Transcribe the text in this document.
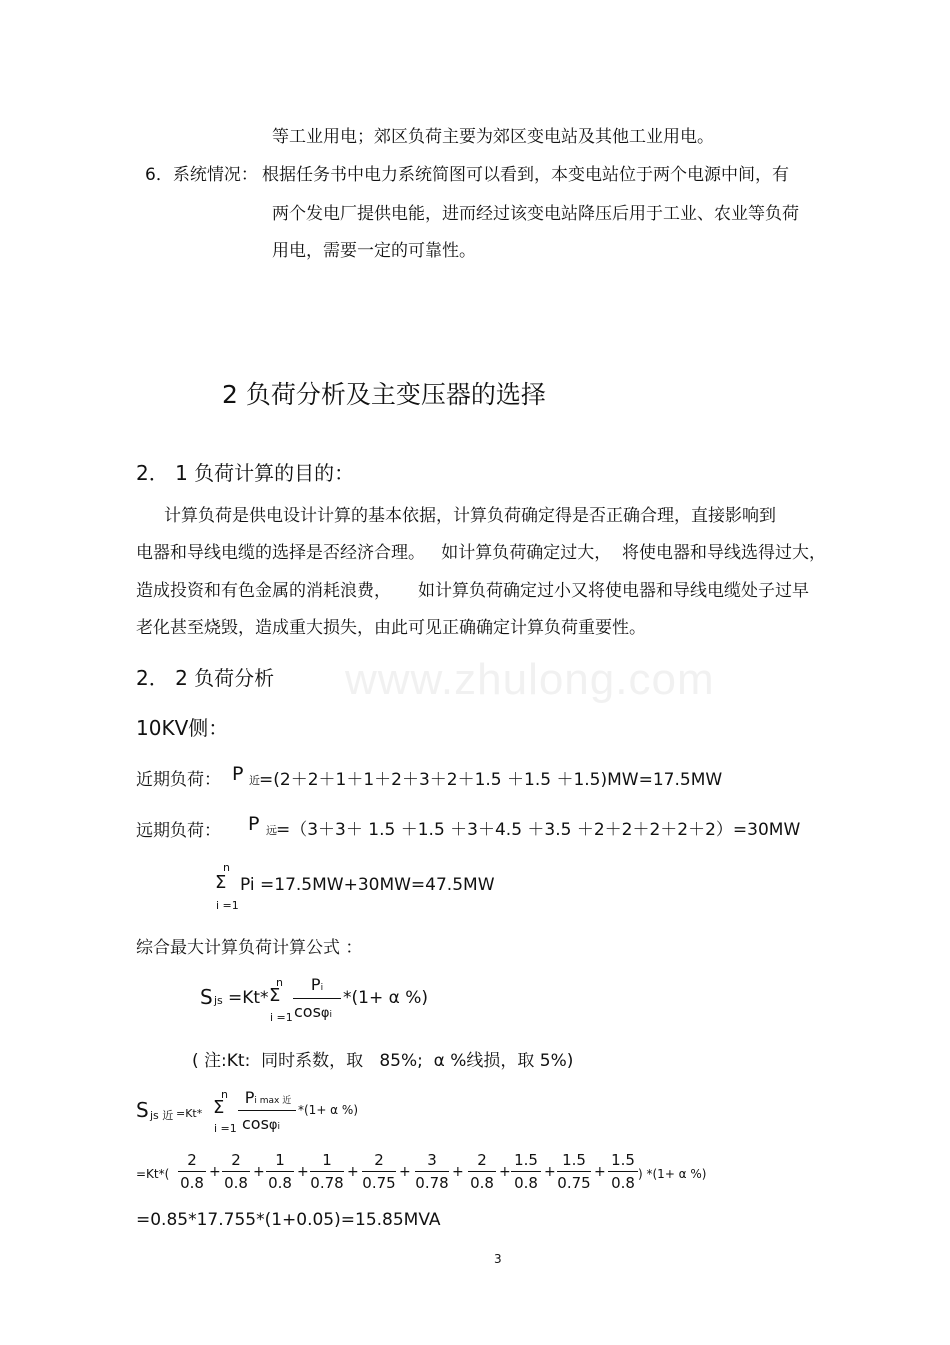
www.zhulong.com
等工业用电；郊区负荷主要为郊区变电站及其他工业用电。
6．系统情况： 根据任务书中电力系统简图可以看到，本变电站位于两个电源中间，有
两个发电厂提供电能，进而经过该变电站降压后用于工业、农业等负荷
用电，需要一定的可靠性。
2 负荷分析及主变压器的选择
2． 1 负荷计算的目的：
计算负荷是供电设计计算的基本依据，计算负荷确定得是否正确合理，直接影响到
电器和导线电缆的选择是否经济合理。   如计算负荷确定过大，  将使电器和导线选得过大，
造成投资和有色金属的消耗浪费，     如计算负荷确定过小又将使电器和导线电缆处子过早
老化甚至烧毁，造成重大损失，由此可见正确确定计算负荷重要性。
2． 2 负荷分析
10KV侧：
近期负荷： P 近 =(2＋2＋1＋1＋2＋3＋2＋1.5 ＋1.5 ＋1.5)MW=17.5MW
远期负荷： P 远 =（3＋3＋ 1.5 ＋1.5 ＋3＋4.5 ＋3.5 ＋2＋2＋2＋2＋2）=30MW
n
Σ
i =1
Pi =17.5MW+30MW=47.5MW
综合最大计算负荷计算公式 ：
S js =Kt*
n
Σ
i =1
Pi
cosφi
*(1+ α %)
( 注:Kt:  同时系数，取   85%;  α %线损，取 5%)
S js 近 =Kt*
n
Σ
i =1
Pi max 近
cosφi
*(1+ α %)
=Kt*(
2
0.8
+
2
0.8
+
1
0.8
+
1
0.78
+
2
0.75
+
3
0.78
+
2
0.8
+
1.5
0.8
+
1.5
0.75
+
1.5
0.8 ) *(1+ α %)
=0.85*17.755*(1+0.05)=15.85MVA
3
